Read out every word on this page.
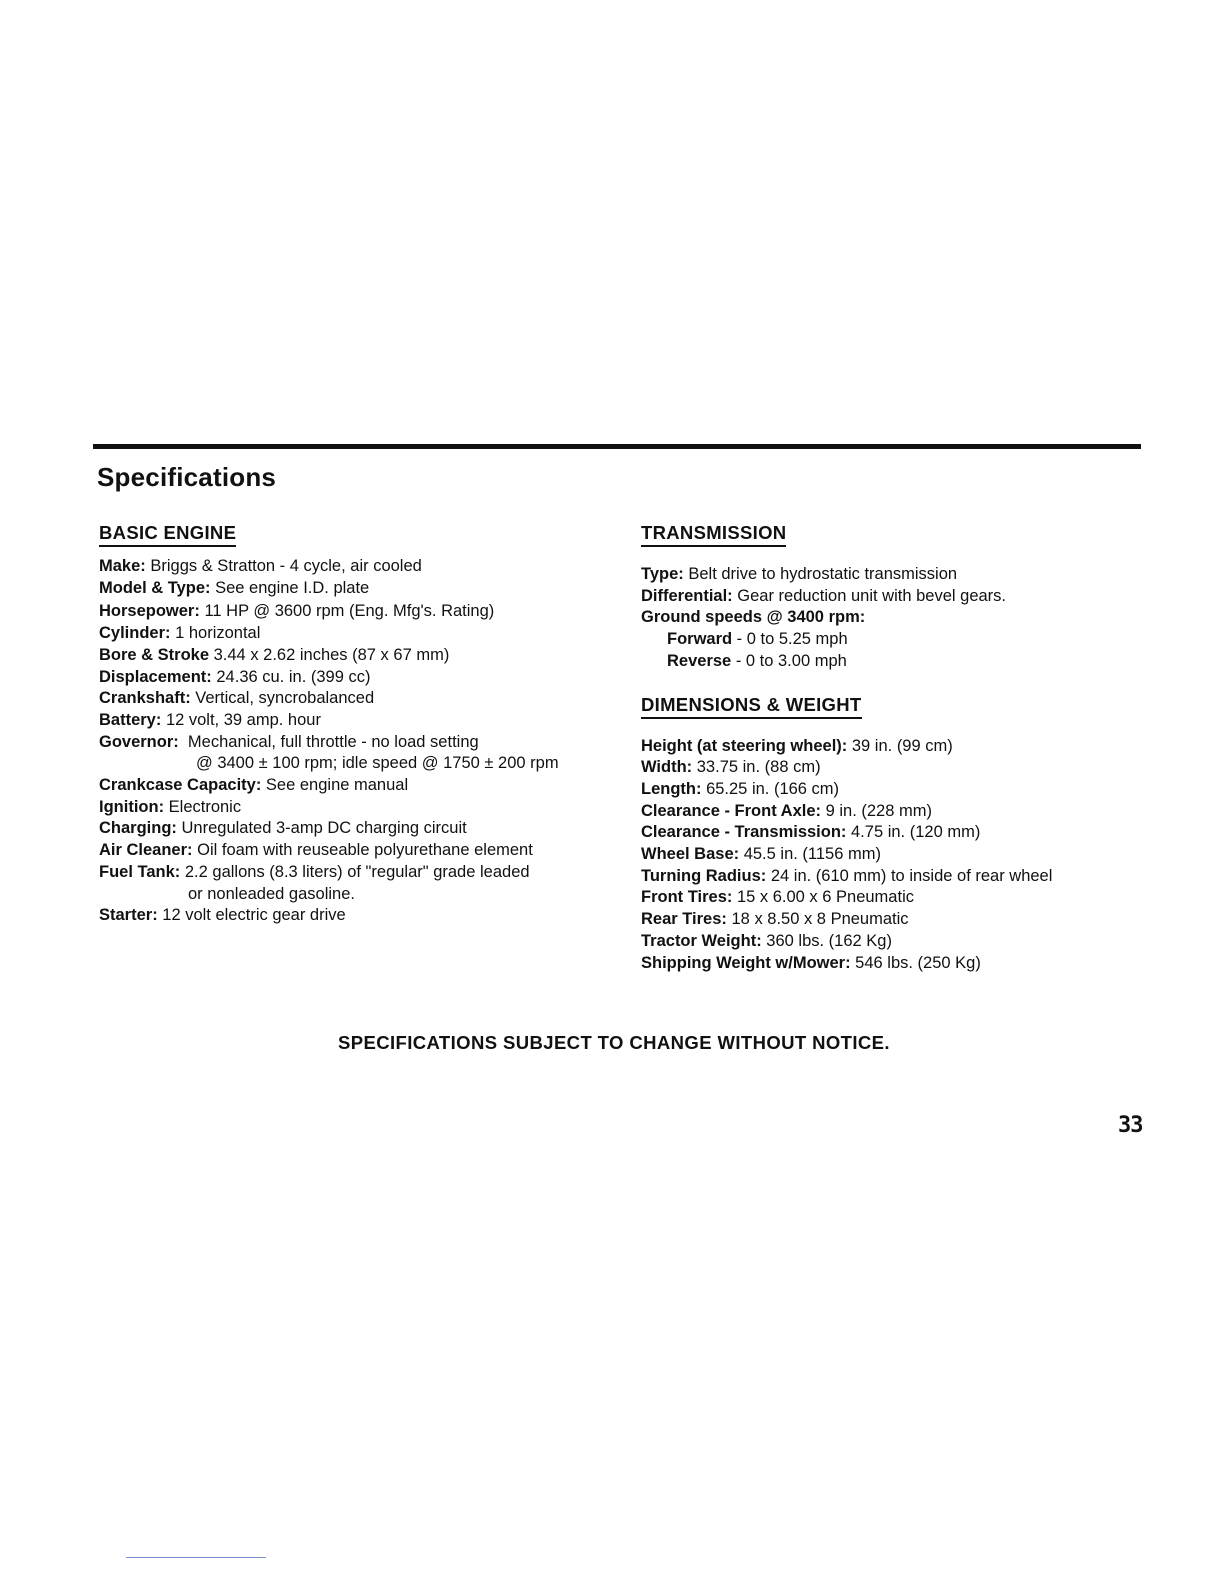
Specifications
BASIC ENGINE

Make: Briggs & Stratton - 4 cycle, air cooled

Model & Type: See engine I.D. plate

Horsepower: 11 HP @ 3600 rpm (Eng. Mfg's. Rating)

Cylinder: 1 horizontal

Bore & Stroke 3.44 x 2.62 inches (87 x 67 mm)

Displacement: 24.36 cu. in. (399 cc)

Crankshaft: Vertical, syncrobalanced

Battery: 12 volt, 39 amp. hour

Governor:  Mechanical, full throttle - no load setting

@ 3400 ± 100 rpm; idle speed @ 1750 ± 200 rpm

Crankcase Capacity: See engine manual

Ignition: Electronic

Charging: Unregulated 3-amp DC charging circuit

Air Cleaner: Oil foam with reuseable polyurethane element

Fuel Tank: 2.2 gallons (8.3 liters) of "regular" grade leaded

or nonleaded gasoline.

Starter: 12 volt electric gear drive

TRANSMISSION

Type: Belt drive to hydrostatic transmission

Differential: Gear reduction unit with bevel gears.

Ground speeds @ 3400 rpm:

Forward - 0 to 5.25 mph

Reverse - 0 to 3.00 mph

DIMENSIONS & WEIGHT

Height (at steering wheel): 39 in. (99 cm)

Width: 33.75 in. (88 cm)

Length: 65.25 in. (166 cm)

Clearance - Front Axle: 9 in. (228 mm)

Clearance - Transmission: 4.75 in. (120 mm)

Wheel Base: 45.5 in. (1156 mm)

Turning Radius: 24 in. (610 mm) to inside of rear wheel

Front Tires: 15 x 6.00 x 6 Pneumatic

Rear Tires: 18 x 8.50 x 8 Pneumatic

Tractor Weight: 360 lbs. (162 Kg)

Shipping Weight w/Mower: 546 lbs. (250 Kg)

SPECIFICATIONS SUBJECT TO CHANGE WITHOUT NOTICE.
33
